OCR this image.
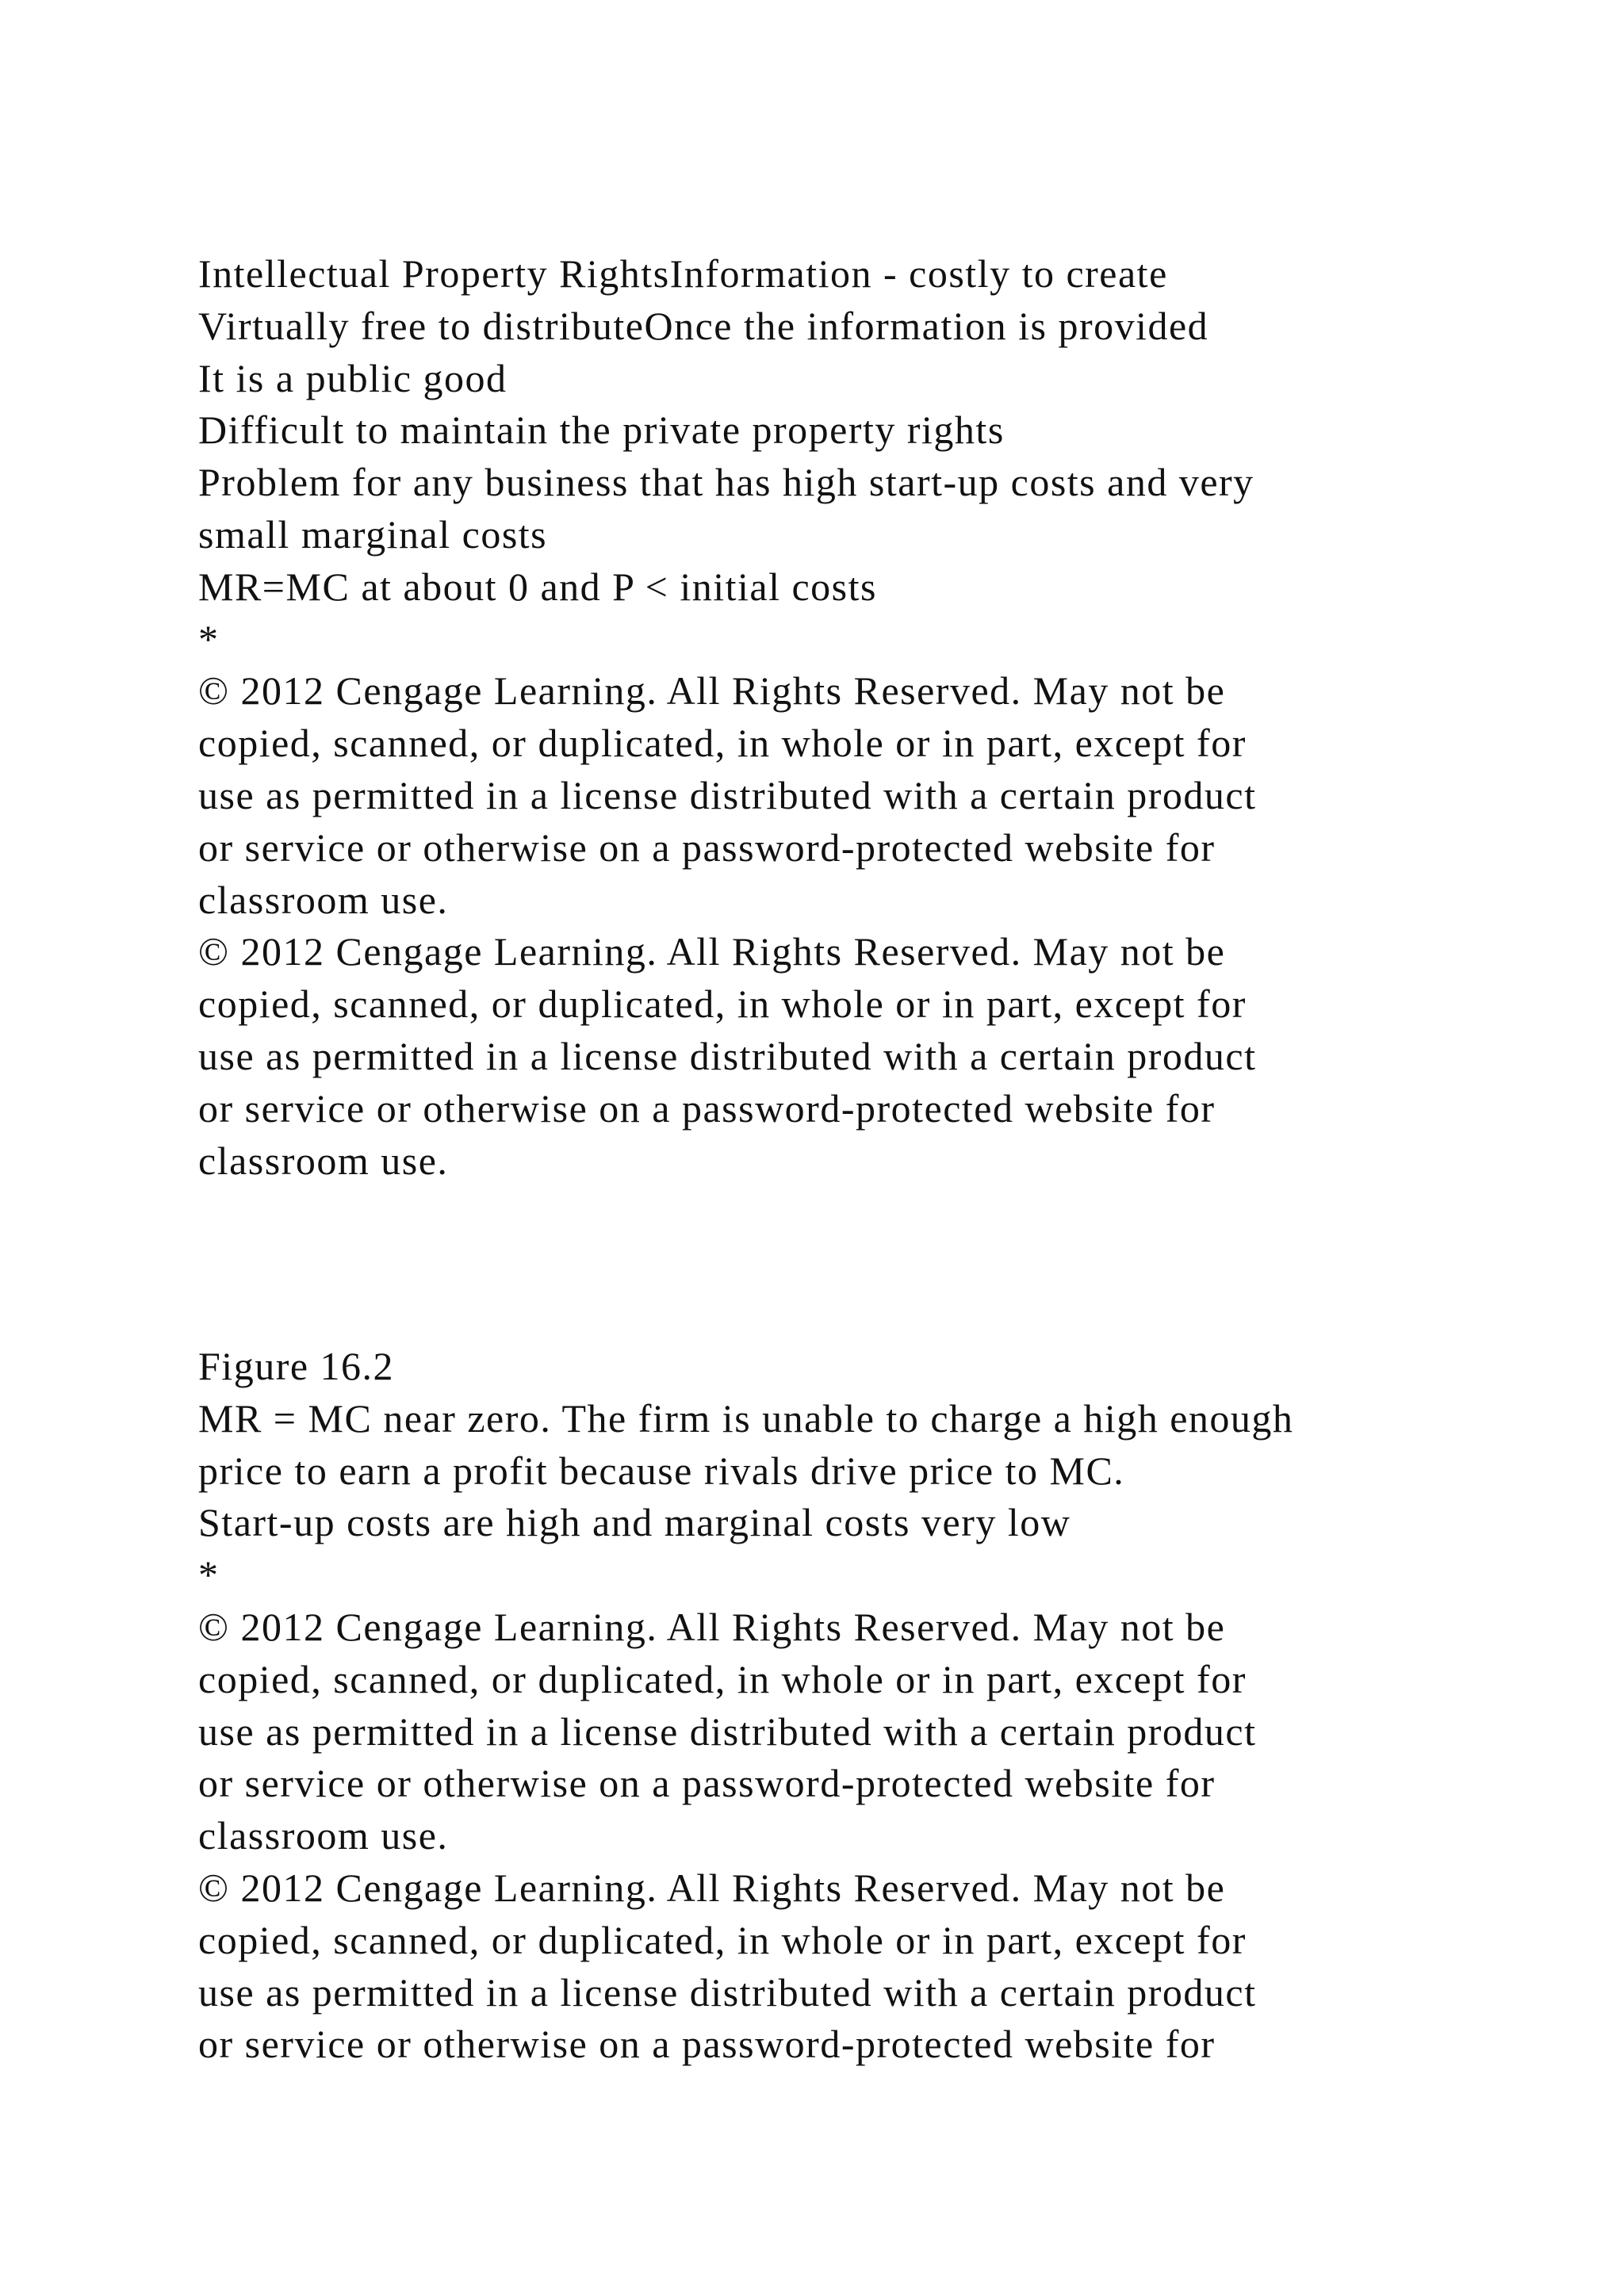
Intellectual Property RightsInformation - costly to create
Virtually free to distributeOnce the information is provided
It is a public good
Difficult to maintain the private property rights
Problem for any business that has high start-up costs and very
small marginal costs
MR=MC at about 0 and P < initial costs
*
© 2012 Cengage Learning. All Rights Reserved. May not be
copied, scanned, or duplicated, in whole or in part, except for
use as permitted in a license distributed with a certain product
or service or otherwise on a password-protected website for
classroom use.
© 2012 Cengage Learning. All Rights Reserved. May not be
copied, scanned, or duplicated, in whole or in part, except for
use as permitted in a license distributed with a certain product
or service or otherwise on a password-protected website for
classroom use.
Figure 16.2
MR = MC near zero. The firm is unable to charge a high enough
price to earn a profit because rivals drive price to MC.
Start-up costs are high and marginal costs very low
*
© 2012 Cengage Learning. All Rights Reserved. May not be
copied, scanned, or duplicated, in whole or in part, except for
use as permitted in a license distributed with a certain product
or service or otherwise on a password-protected website for
classroom use.
© 2012 Cengage Learning. All Rights Reserved. May not be
copied, scanned, or duplicated, in whole or in part, except for
use as permitted in a license distributed with a certain product
or service or otherwise on a password-protected website for
